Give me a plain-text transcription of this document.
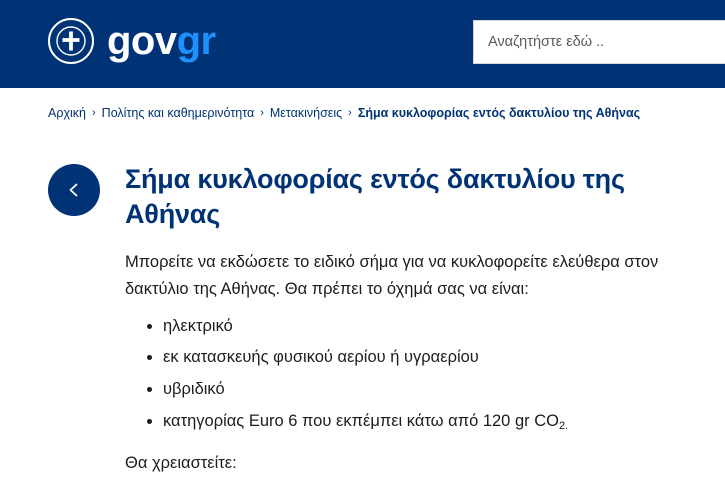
gov gr
Αναζητήστε εδώ ..
Αρχική › Πολίτης και καθημερινότητα › Μετακινήσεις › Σήμα κυκλοφορίας εντός δακτυλίου της Αθήνας
Σήμα κυκλοφορίας εντός δακτυλίου της Αθήνας

Μπορείτε να εκδώσετε το ειδικό σήμα για να κυκλοφορείτε ελεύθερα στον δακτύλιο της Αθήνας. Θα πρέπει το όχημά σας να είναι:

ηλεκτρικό
εκ κατασκευής φυσικού αερίου ή υγραερίου
υβριδικό
κατηγορίας Euro 6 που εκπέμπει κάτω από 120 gr $CO_{2.}$

Θα χρειαστείτε:
